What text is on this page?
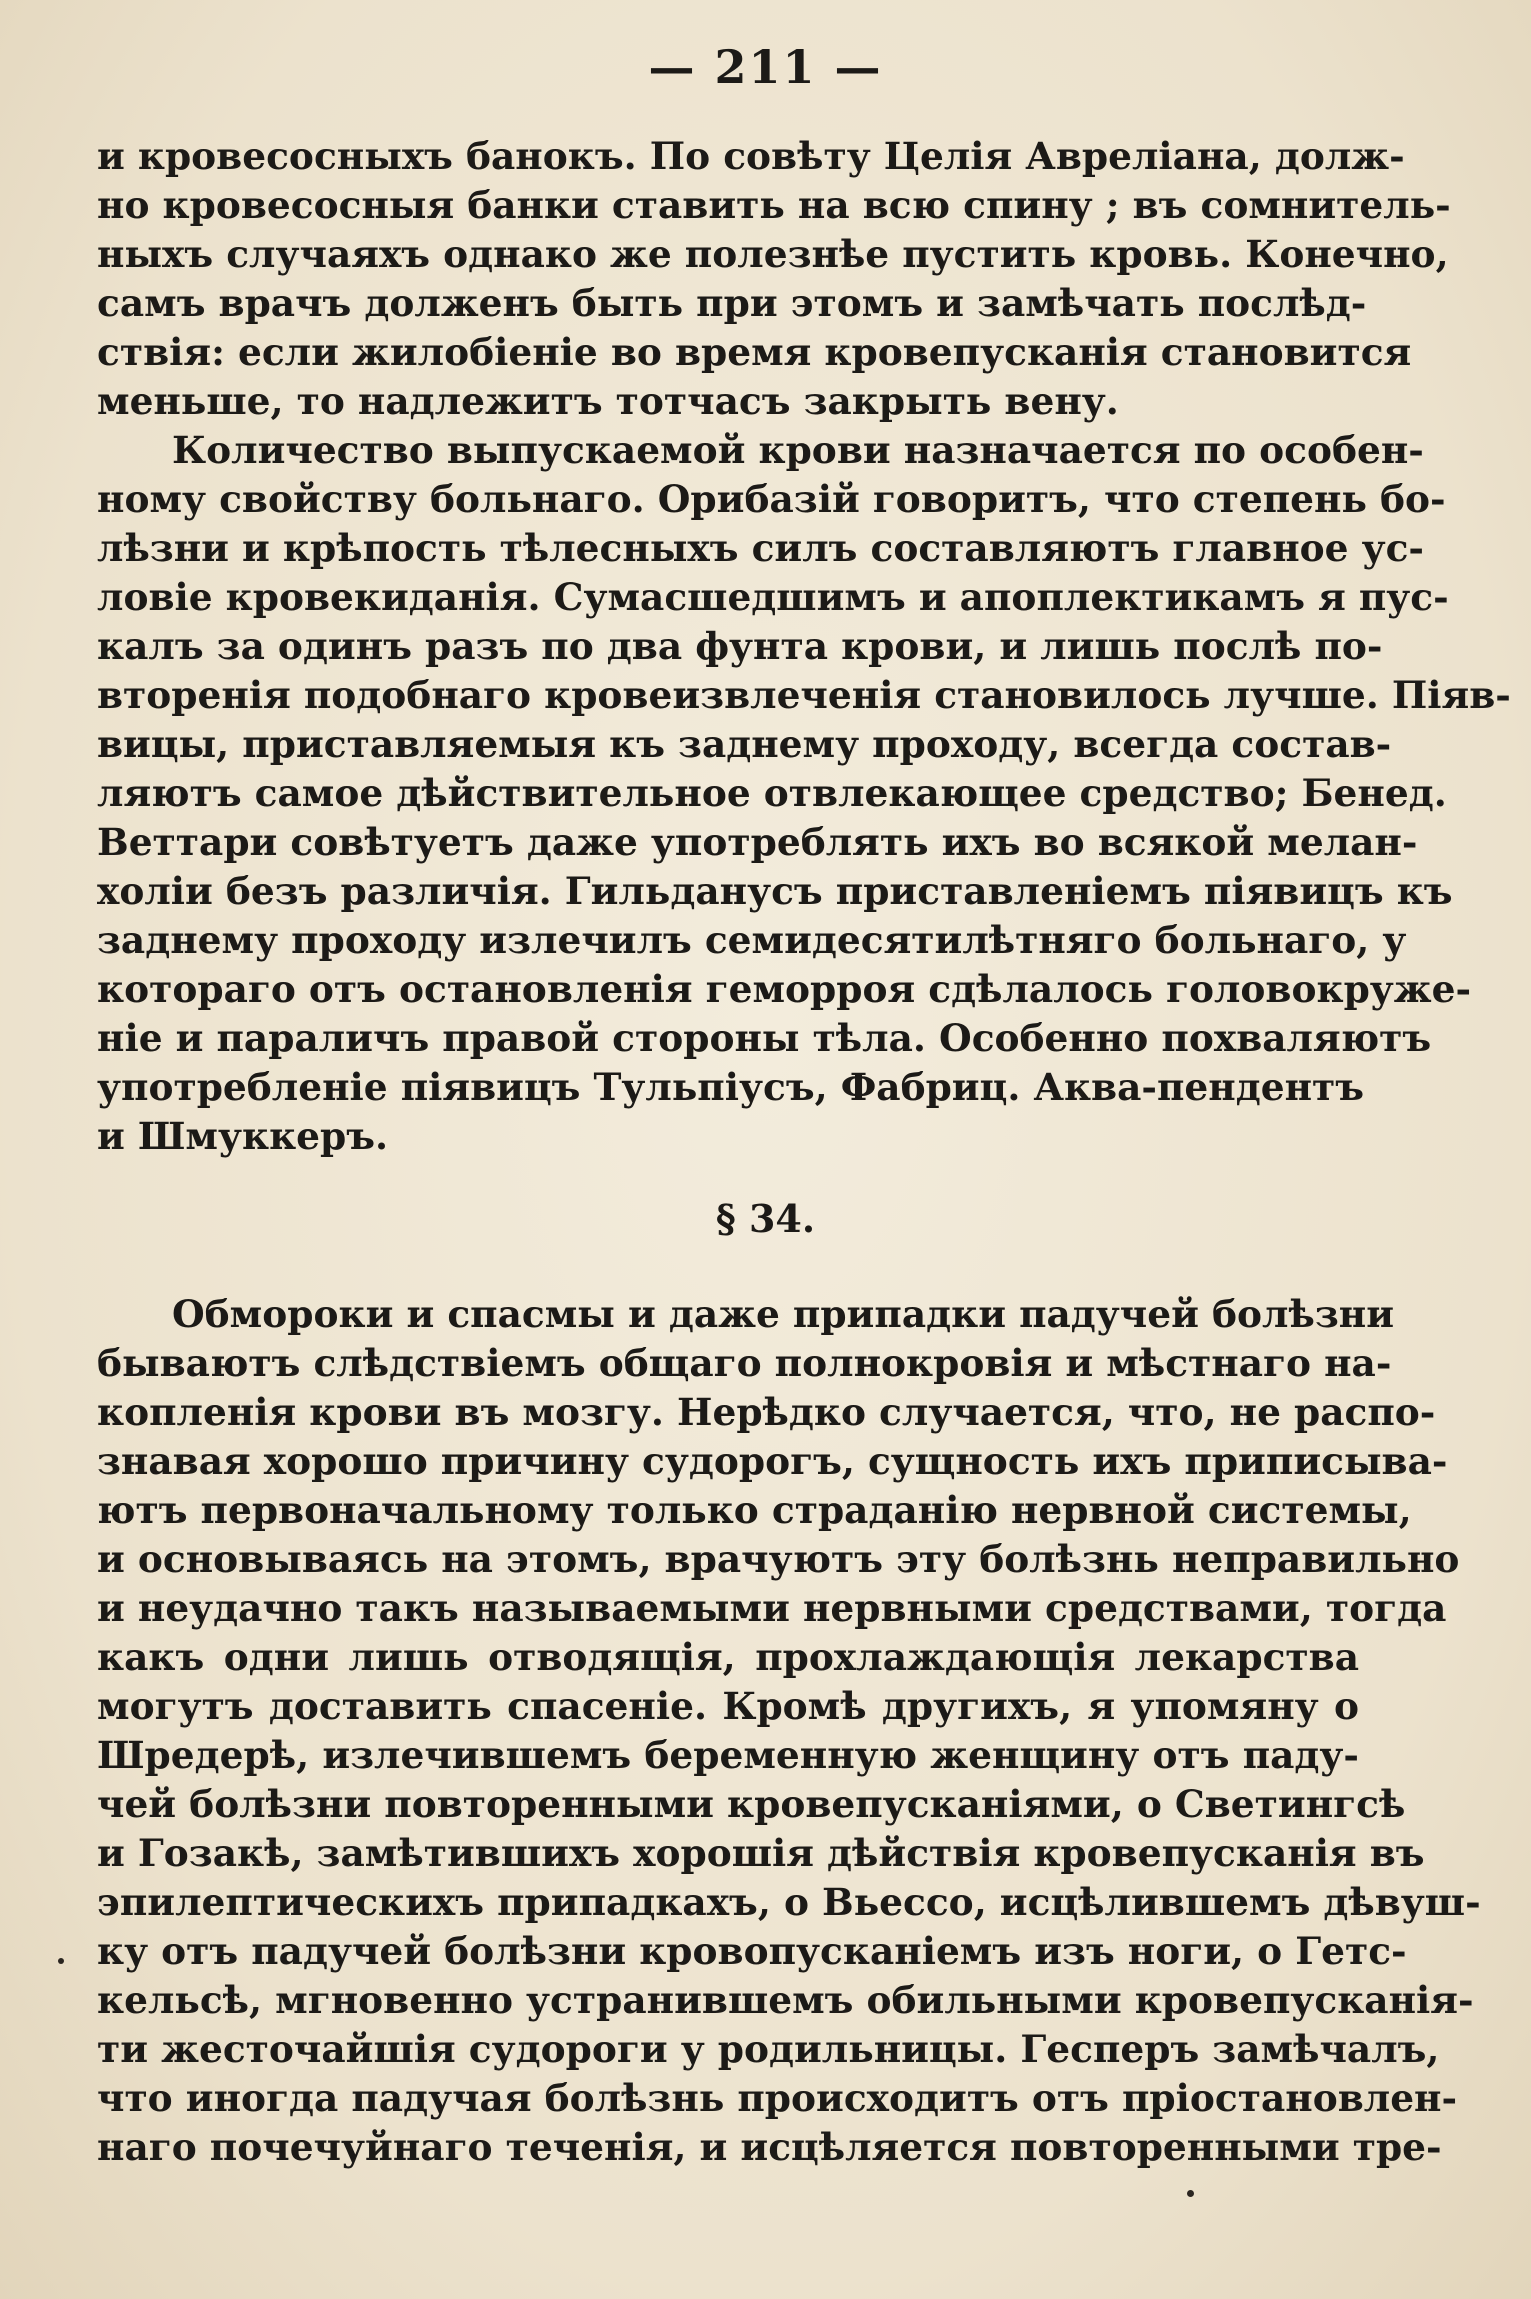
— 211 —
и кровесосныхъ банокъ. По совѣту Целія Авреліана, долж-
но кровесосныя банки ставить на всю спину ; въ сомнитель-
ныхъ случаяхъ однако же полезнѣе пустить кровь. Конечно,
самъ врачъ долженъ быть при этомъ и замѣчать послѣд-
ствія: если жилобіеніе во время кровепусканія становится
меньше, то надлежитъ тотчасъ закрыть вену.
Количество выпускаемой крови назначается по особен-
ному свойству больнаго. Орибазій говоритъ, что степень бо-
лѣзни и крѣпость тѣлесныхъ силъ составляютъ главное ус-
ловіе кровекиданія. Сумасшедшимъ и апоплектикамъ я пус-
калъ за одинъ разъ по два фунта крови, и лишь послѣ по-
вторенія подобнаго кровеизвлеченія становилось лучше. Піяв-
вицы, приставляемыя къ заднему проходу, всегда состав-
ляютъ самое дѣйствительное отвлекающее средство; Бенед.
Веттари совѣтуетъ даже употреблять ихъ во всякой мелан-
холіи безъ различія. Гильданусъ приставленіемъ піявицъ къ
заднему проходу излечилъ семидесятилѣтняго больнаго, у
котораго отъ остановленія геморроя сдѣлалось головокруже-
ніе и параличъ правой стороны тѣла. Особенно похваляютъ
употребленіе піявицъ Тульпіусъ, Фабриц. Аква-пендентъ
и Шмуккеръ.
§ 34.
Обмороки и спасмы и даже припадки падучей болѣзни
бываютъ слѣдствіемъ общаго полнокровія и мѣстнаго на-
копленія крови въ мозгу. Нерѣдко случается, что, не распо-
знавая хорошо причину судорогъ, сущность ихъ приписыва-
ютъ первоначальному только страданію нервной системы,
и основываясь на этомъ, врачуютъ эту болѣзнь неправильно
и неудачно такъ называемыми нервными средствами, тогда
какъ одни лишь отводящія, прохлаждающія лекарства
могутъ доставить спасеніе. Кромѣ другихъ, я упомяну о
Шредерѣ, излечившемъ беременную женщину отъ паду-
чей болѣзни повторенными кровепусканіями, о Светингсѣ
и Гозакѣ, замѣтившихъ хорошія дѣйствія кровепусканія въ
эпилептическихъ припадкахъ, о Вьессо, исцѣлившемъ дѣвуш-
ку отъ падучей болѣзни кровопусканіемъ изъ ноги, о Гетс-
кельсѣ, мгновенно устранившемъ обильными кровепусканія-
ти жесточайшія судороги у родильницы. Гесперъ замѣчалъ,
что иногда падучая болѣзнь происходитъ отъ пріостановлен-
наго почечуйнаго теченія, и исцѣляется повторенными тре-
